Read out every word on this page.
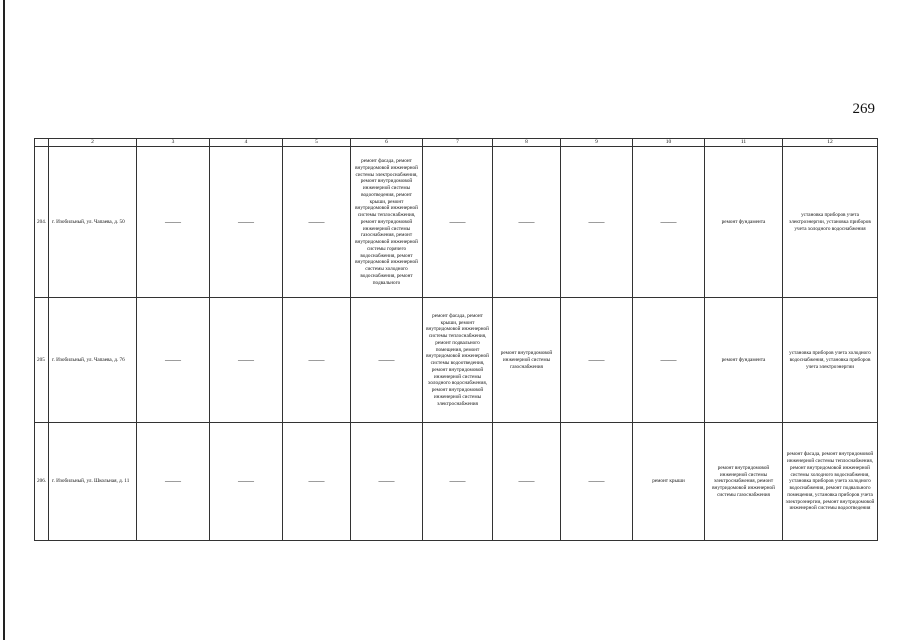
269
	2	3	4	5	6	7	8	9	10	11	12
204.	г. Изобильный, ул. Чапаева, д. 50	——	——	——	ремонт фасада, ремонт внутридомовой инженерной системы электроснабжения, ремонт внутридомовой инженерной системы водоотведения, ремонт крыши, ремонт внутридомовой инженерной системы теплоснабжения, ремонт внутридомовой инженерной системы газоснабжения, ремонт внутридомовой инженерной системы горячего водоснабжения, ремонт внутридомовой инженерной системы холодного водоснабжения, ремонт подвального	——	——	——	——	ремонт фундамента	установка приборов учета электроэнергии, установка приборов учета холодного водоснабжения
205	г. Изобильный, ул. Чапаева, д. 76	——	——	——	——	ремонт фасада, ремонт крыши, ремонт внутридомовой инженерной системы теплоснабжения, ремонт подвального помещения, ремонт внутридомовой инженерной системы водоотведения, ремонт внутридомовой инженерной системы холодного водоснабжения, ремонт внутридомовой инженерной системы электроснабжения	ремонт внутридомовой инженерной системы газоснабжения	——	——	ремонт фундамента	установка приборов учета холодного водоснабжения, установка приборов учета электроэнергии
206.	г. Изобильный, ул. Школьная, д. 11	——	——	——	——	——	——	——	ремонт крыши	ремонт внутридомовой инженерной системы электроснабжения, ремонт внутридомовой инженерной системы газоснабжения	ремонт фасада, ремонт внутридомовой инженерной системы теплоснабжения, ремонт внутридомовой инженерной системы холодного водоснабжения, установка приборов учета холодного водоснабжения, ремонт подвального помещения, установка приборов учета электроэнергии, ремонт внутридомовой инженерной системы водоотведения
